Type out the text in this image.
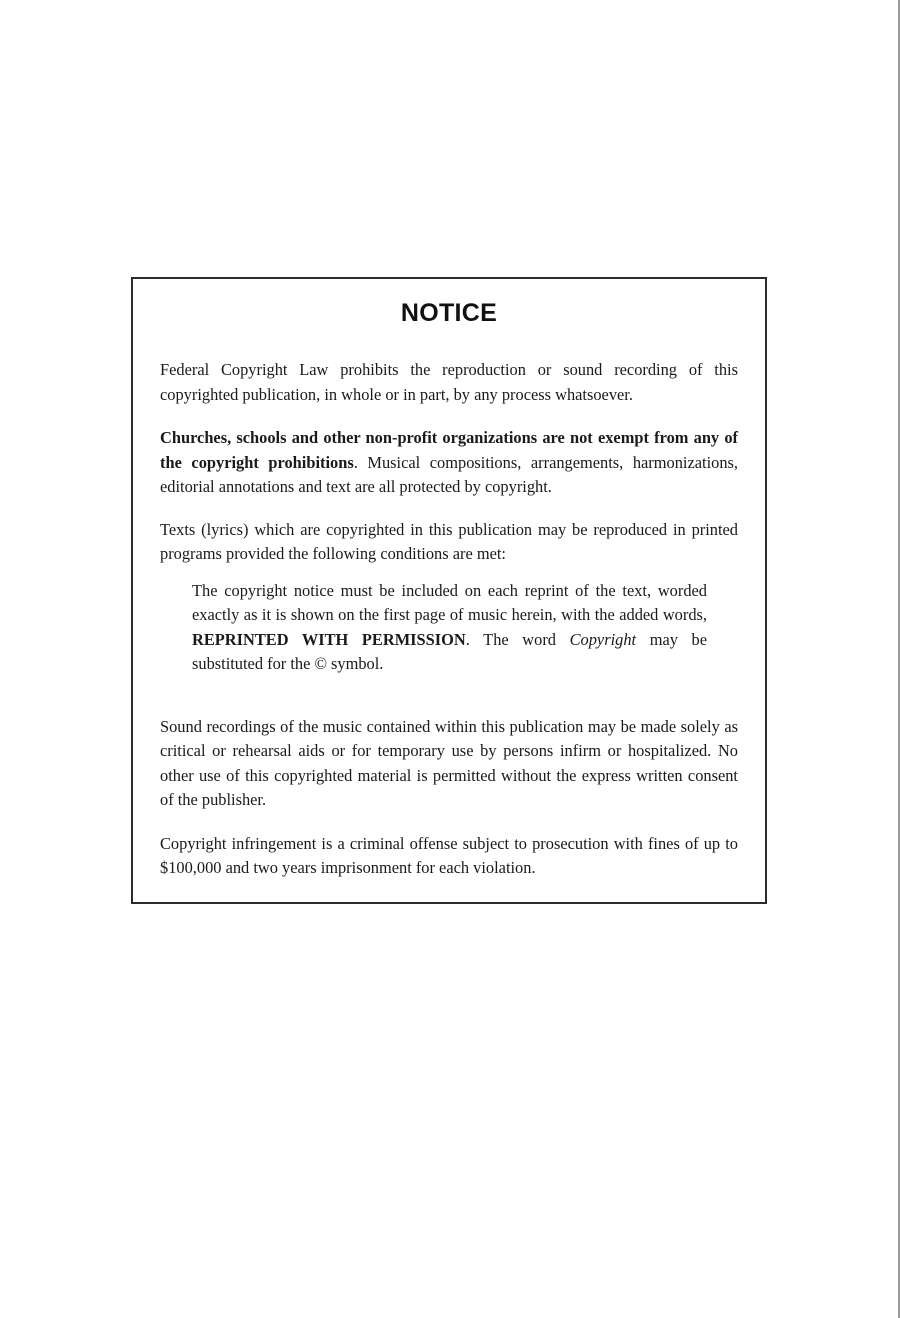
NOTICE

Federal Copyright Law prohibits the reproduction or sound recording of this copyrighted publication, in whole or in part, by any process whatsoever.

Churches, schools and other non-profit organizations are not exempt from any of the copyright prohibitions. Musical compositions, arrangements, harmonizations, editorial annotations and text are all protected by copyright.

Texts (lyrics) which are copyrighted in this publication may be reproduced in printed programs provided the following conditions are met:

The copyright notice must be included on each reprint of the text, worded exactly as it is shown on the first page of music herein, with the added words, REPRINTED WITH PERMISSION. The word Copyright may be substituted for the © symbol.

Sound recordings of the music contained within this publication may be made solely as critical or rehearsal aids or for temporary use by persons infirm or hospitalized. No other use of this copyrighted material is permitted without the express written consent of the publisher.

Copyright infringement is a criminal offense subject to prosecution with fines of up to $100,000 and two years imprisonment for each violation.
